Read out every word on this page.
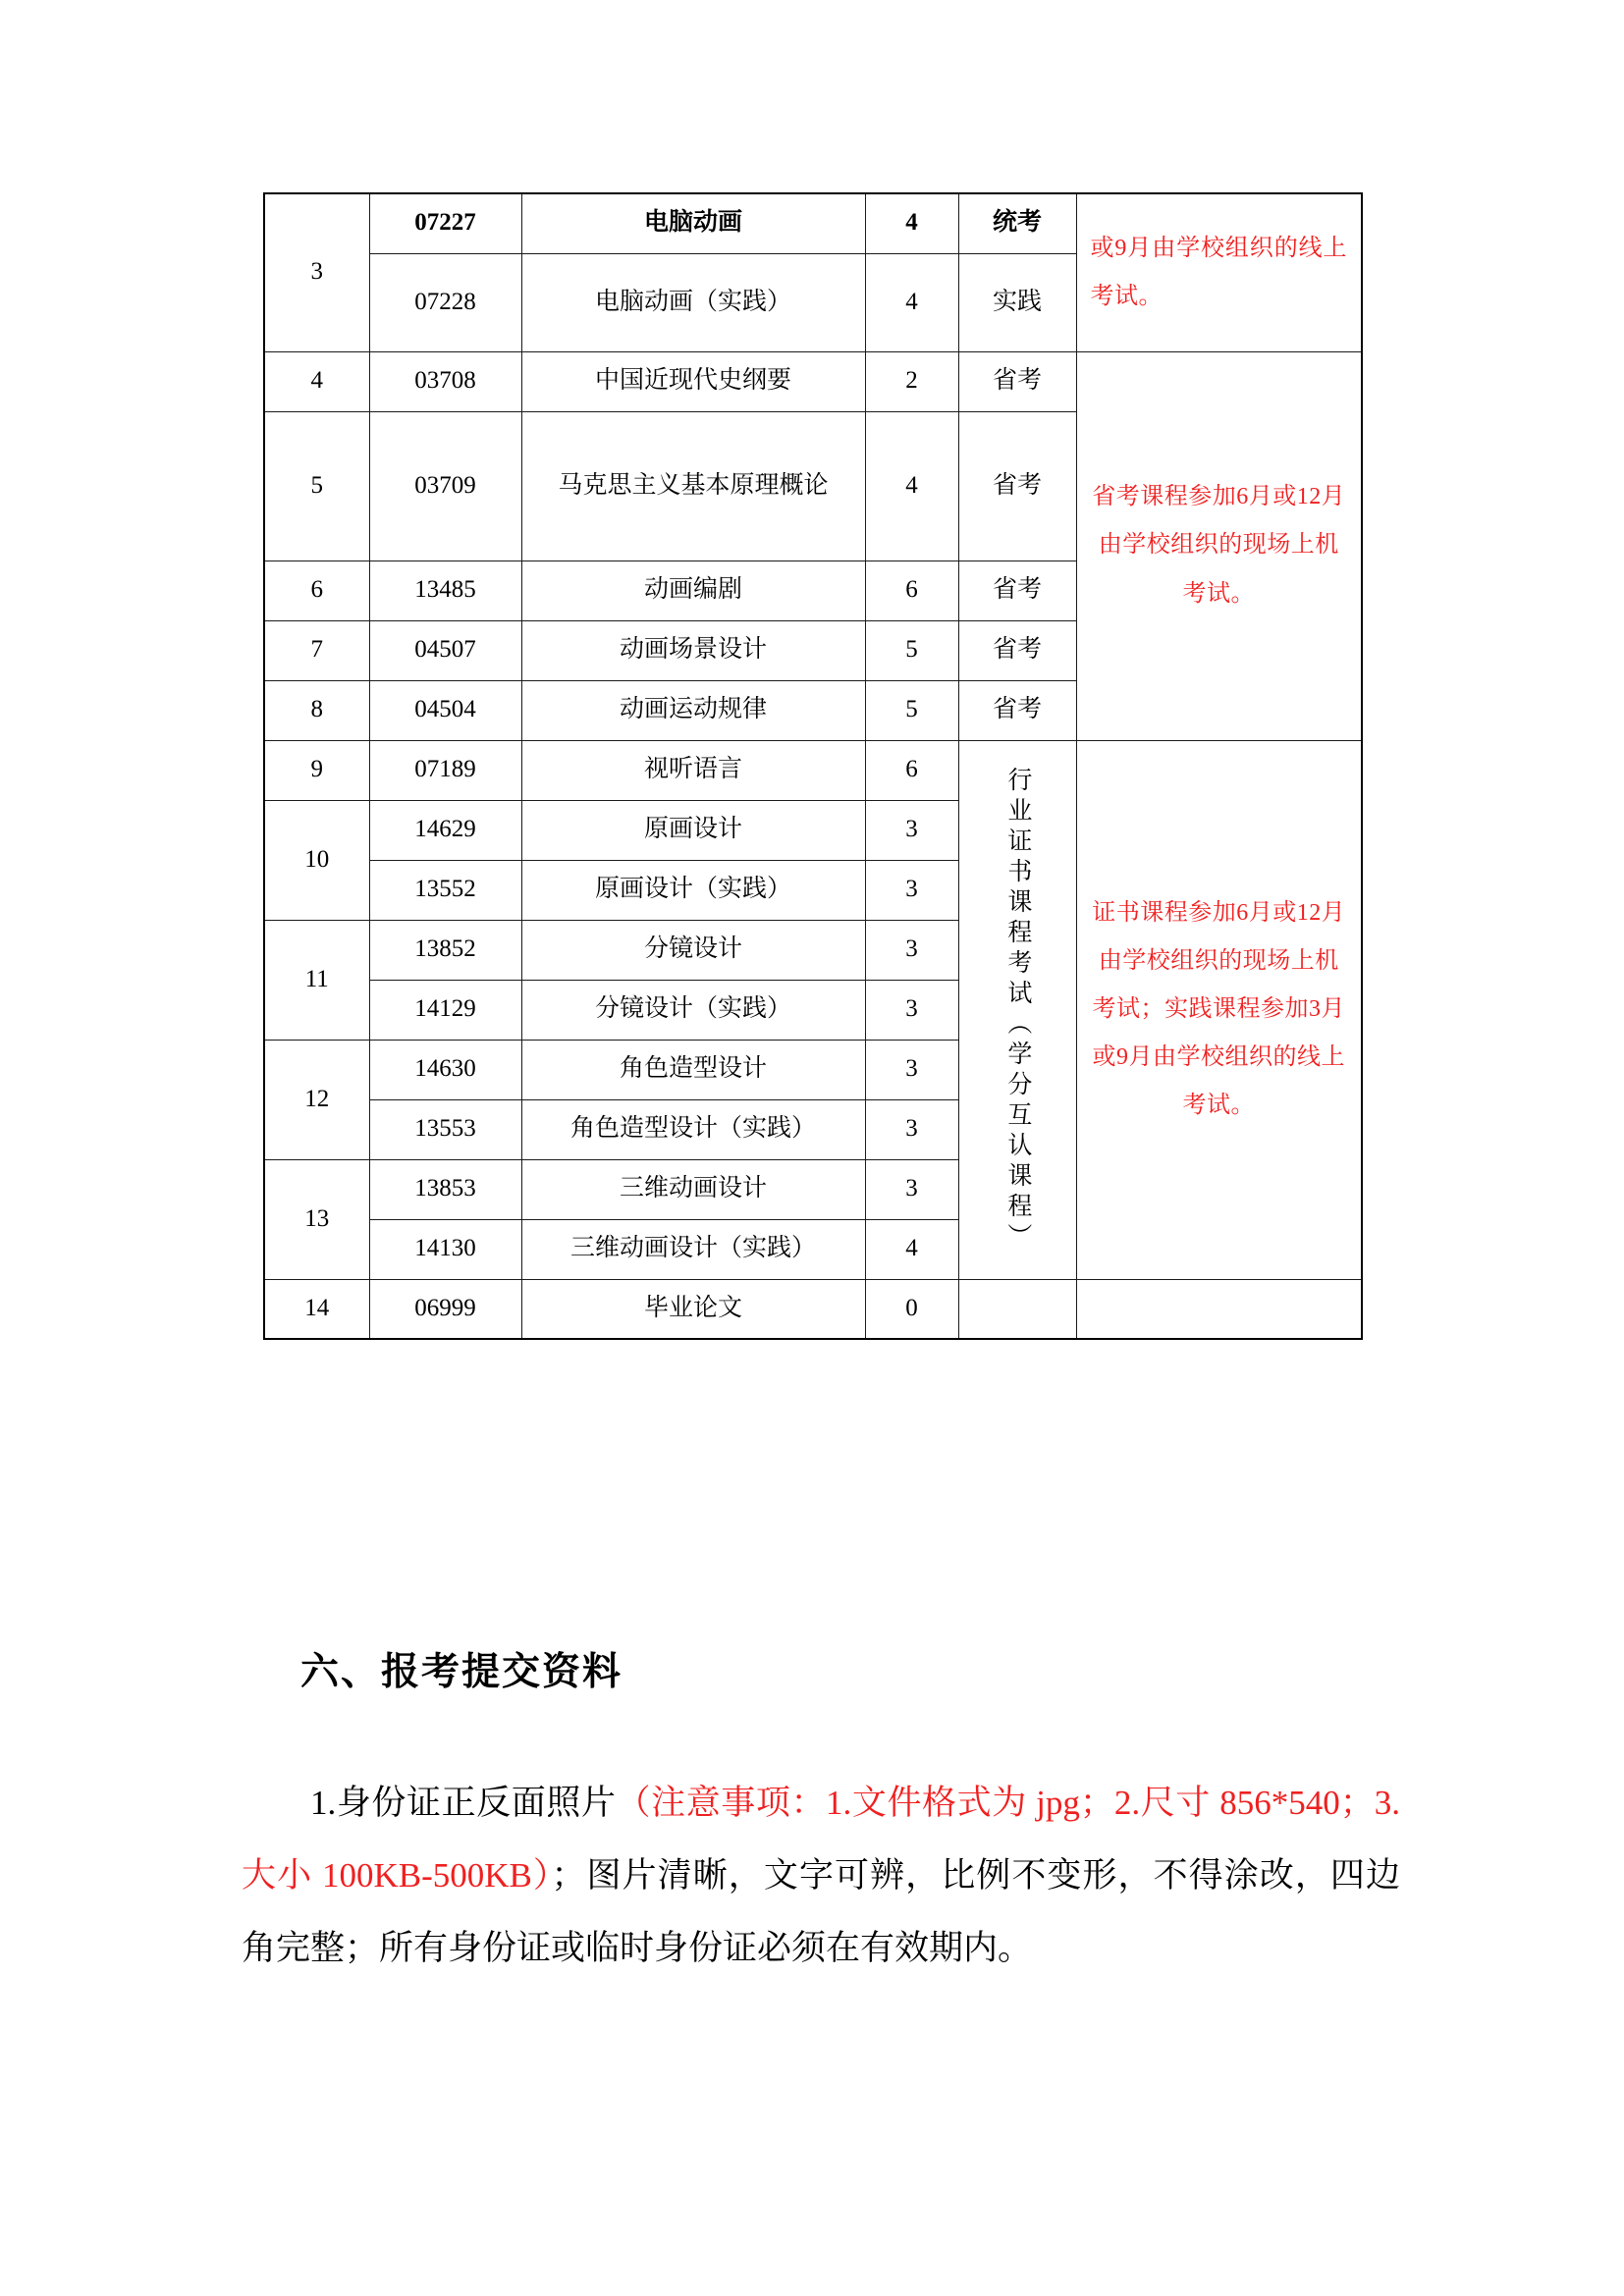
3	07227	电脑动画	4	统考	或9月由学校组织的线上考试。
	07228	电脑动画（实践）	4	实践	
4	03708	中国近现代史纲要	2	省考	省考课程参加6月或12月由学校组织的现场上机考试。
5	03709	马克思主义基本原理概论	4	省考	
6	13485	动画编剧	6	省考	
7	04507	动画场景设计	5	省考	
8	04504	动画运动规律	5	省考	
9	07189	视听语言	6	行业证书课程考试（学分互认课程）	证书课程参加6月或12月由学校组织的现场上机考试；实践课程参加3月或9月由学校组织的线上考试。
10	14629	原画设计	3		
	13552	原画设计（实践）	3		
11	13852	分镜设计	3		
	14129	分镜设计（实践）	3		
12	14630	角色造型设计	3		
	13553	角色造型设计（实践）	3		
13	13853	三维动画设计	3		
	14130	三维动画设计（实践）	4		
14	06999	毕业论文	0		
六、报考提交资料
1.身份证正反面照片（注意事项：1.文件格式为 jpg；2.尺寸 856*540；3.大小 100KB-500KB）；图片清晰，文字可辨，比例不变形，不得涂改，四边角完整；所有身份证或临时身份证必须在有效期内。
